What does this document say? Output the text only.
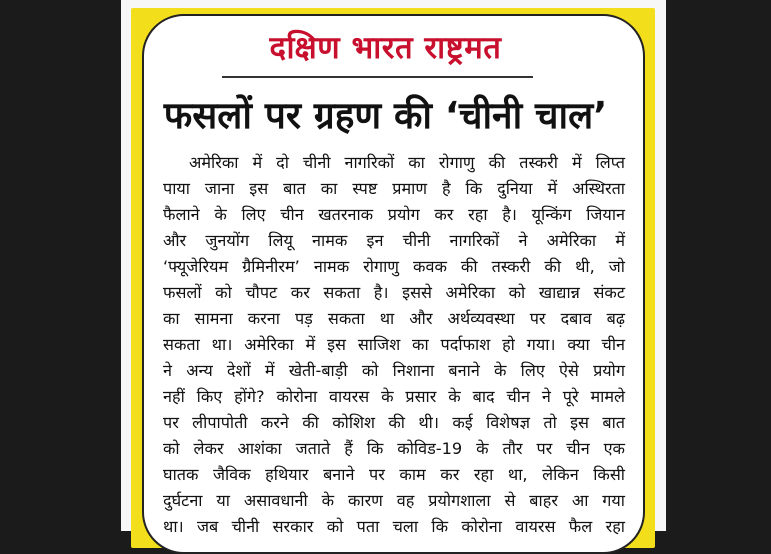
दक्षिण भारत राष्ट्रमत
फसलों पर ग्रहण की ‘चीनी चाल’
अमेरिका में दो चीनी नागरिकों का रोगाणु की तस्करी में लिप्त
पाया जाना इस बात का स्पष्ट प्रमाण है कि दुनिया में अस्थिरता
फैलाने के लिए चीन खतरनाक प्रयोग कर रहा है। यून्किंग जियान
और जुनयोंग लियू नामक इन चीनी नागरिकों ने अमेरिका में
‘फ्यूजेरियम ग्रैमिनीरम’ नामक रोगाणु कवक की तस्करी की थी, जो
फसलों को चौपट कर सकता है। इससे अमेरिका को खाद्यान्न संकट
का सामना करना पड़ सकता था और अर्थव्यवस्था पर दबाव बढ़
सकता था। अमेरिका में इस साजिश का पर्दाफाश हो गया। क्या चीन
ने अन्य देशों में खेती-बाड़ी को निशाना बनाने के लिए ऐसे प्रयोग
नहीं किए होंगे? कोरोना वायरस के प्रसार के बाद चीन ने पूरे मामले
पर लीपापोती करने की कोशिश की थी। कई विशेषज्ञ तो इस बात
को लेकर आशंका जताते हैं कि कोविड-19 के तौर पर चीन एक
घातक जैविक हथियार बनाने पर काम कर रहा था, लेकिन किसी
दुर्घटना या असावधानी के कारण वह प्रयोगशाला से बाहर आ गया
था। जब चीनी सरकार को पता चला कि कोरोना वायरस फैल रहा
